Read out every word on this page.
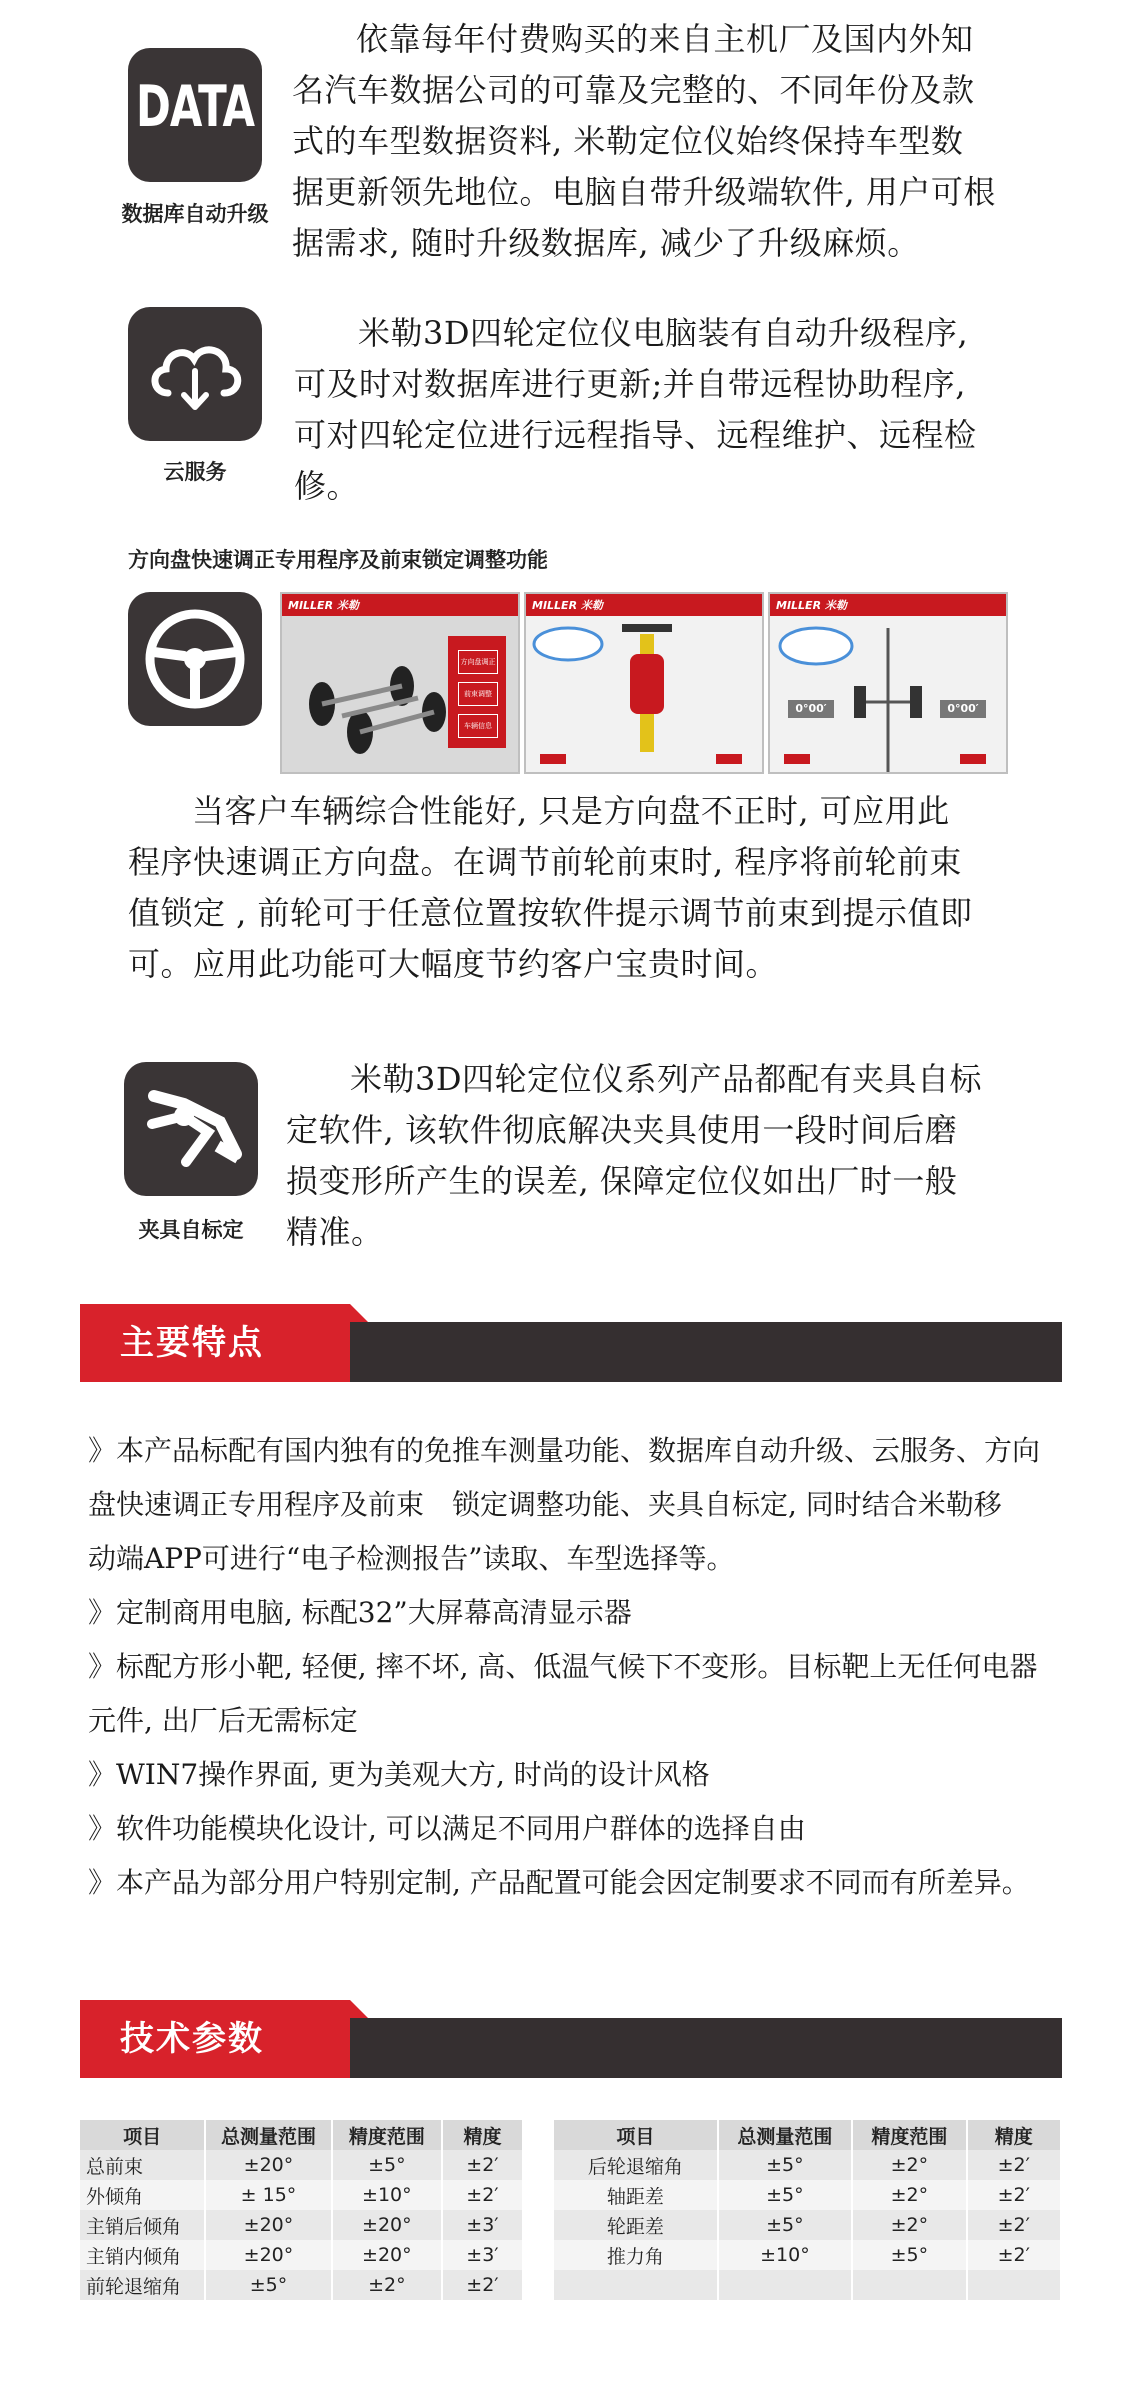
DATA
数据库自动升级
依靠每年付费购买的来自主机厂及国内外知
名汽车数据公司的可靠及完整的、不同年份及款
式的车型数据资料, 米勒定位仪始终保持车型数
据更新领先地位。电脑自带升级端软件, 用户可根
据需求, 随时升级数据库, 减少了升级麻烦。
云服务
米勒3D四轮定位仪电脑装有自动升级程序,
可及时对数据库进行更新;并自带远程协助程序,
可对四轮定位进行远程指导、远程维护、远程检
修。
方向盘快速调正专用程序及前束锁定调整功能
MILLER 米勒
方向盘调正
前束调整
车辆信息
MILLER 米勒	MILLER 米勒
0°00′	0°00′
当客户车辆综合性能好, 只是方向盘不正时, 可应用此
程序快速调正方向盘。在调节前轮前束时, 程序将前轮前束
值锁定 , 前轮可于任意位置按软件提示调节前束到提示值即
可。应用此功能可大幅度节约客户宝贵时间。
夹具自标定
米勒3D四轮定位仪系列产品都配有夹具自标
定软件, 该软件彻底解决夹具使用一段时间后磨
损变形所产生的误差, 保障定位仪如出厂时一般
精准。
主要特点

》本产品标配有国内独有的免推车测量功能、数据库自动升级、云服务、方向

盘快速调正专用程序及前束　锁定调整功能、夹具自标定, 同时结合米勒移

动端APP可进行“电子检测报告”读取、车型选择等。

》定制商用电脑, 标配32”大屏幕高清显示器

》标配方形小靶, 轻便, 摔不坏, 高、低温气候下不变形。目标靶上无任何电器

元件, 出厂后无需标定

》WIN7操作界面, 更为美观大方, 时尚的设计风格

》软件功能模块化设计, 可以满足不同用户群体的选择自由

》本产品为部分用户特别定制, 产品配置可能会因定制要求不同而有所差异。

技术参数
项目	总测量范围	精度范围	精度
总前束	±20°	±5°	±2′
外倾角	± 15°	±10°	±2′
主销后倾角	±20°	±20°	±3′
主销内倾角	±20°	±20°	±3′
前轮退缩角	±5°	±2°	±2′
项目	总测量范围	精度范围	精度
后轮退缩角	±5°	±2°	±2′
轴距差	±5°	±2°	±2′
轮距差	±5°	±2°	±2′
推力角	±10°	±5°	±2′
